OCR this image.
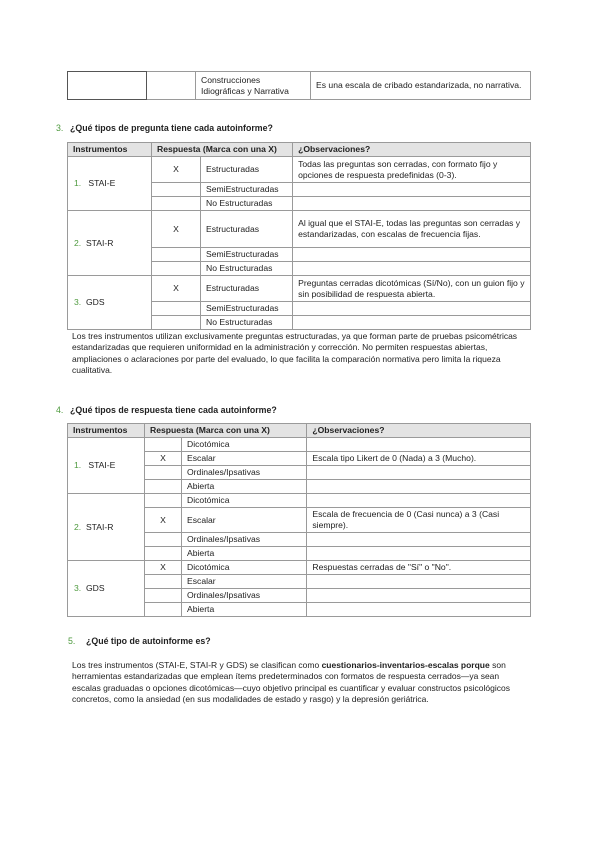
		Construcciones Idiográficas y Narrativa	Es una escala de cribado estandarizada, no narrativa.
3. ¿Qué tipos de pregunta tiene cada autoinforme?
Instrumentos	Respuesta (Marca con una X)		¿Observaciones?
1. STAI-E	X	Estructuradas	Todas las preguntas son cerradas, con formato fijo y opciones de respuesta predefinidas (0-3).
		SemiEstructuradas	
		No Estructuradas	
2. STAI-R	X	Estructuradas	Al igual que el STAI-E, todas las preguntas son cerradas y estandarizadas, con escalas de frecuencia fijas.
		SemiEstructuradas	
		No Estructuradas	
3. GDS	X	Estructuradas	Preguntas cerradas dicotómicas (Sí/No), con un guion fijo y sin posibilidad de respuesta abierta.
		SemiEstructuradas	
		No Estructuradas	
Los tres instrumentos utilizan exclusivamente preguntas estructuradas, ya que forman parte de pruebas psicométricas estandarizadas que requieren uniformidad en la administración y corrección. No permiten respuestas abiertas, ampliaciones o aclaraciones por parte del evaluado, lo que facilita la comparación normativa pero limita la riqueza cualitativa.
4. ¿Qué tipos de respuesta tiene cada autoinforme?
Instrumentos	Respuesta (Marca con una X)		¿Observaciones?
1. STAI-E		Dicotómica	
	X	Escalar	Escala tipo Likert de 0 (Nada) a 3 (Mucho).
		Ordinales/Ipsativas	
		Abierta	
2. STAI-R		Dicotómica	
	X	Escalar	Escala de frecuencia de 0 (Casi nunca) a 3 (Casi siempre).
		Ordinales/Ipsativas	
		Abierta	
3. GDS	X	Dicotómica	Respuestas cerradas de "Sí" o "No".
		Escalar	
		Ordinales/Ipsativas	
		Abierta	
5. ¿Qué tipo de autoinforme es?
Los tres instrumentos (STAI-E, STAI-R y GDS) se clasifican como cuestionarios-inventarios-escalas porque son herramientas estandarizadas que emplean ítems predeterminados con formatos de respuesta cerrados—ya sean escalas graduadas o opciones dicotómicas—cuyo objetivo principal es cuantificar y evaluar constructos psicológicos concretos, como la ansiedad (en sus modalidades de estado y rasgo) y la depresión geriátrica.
